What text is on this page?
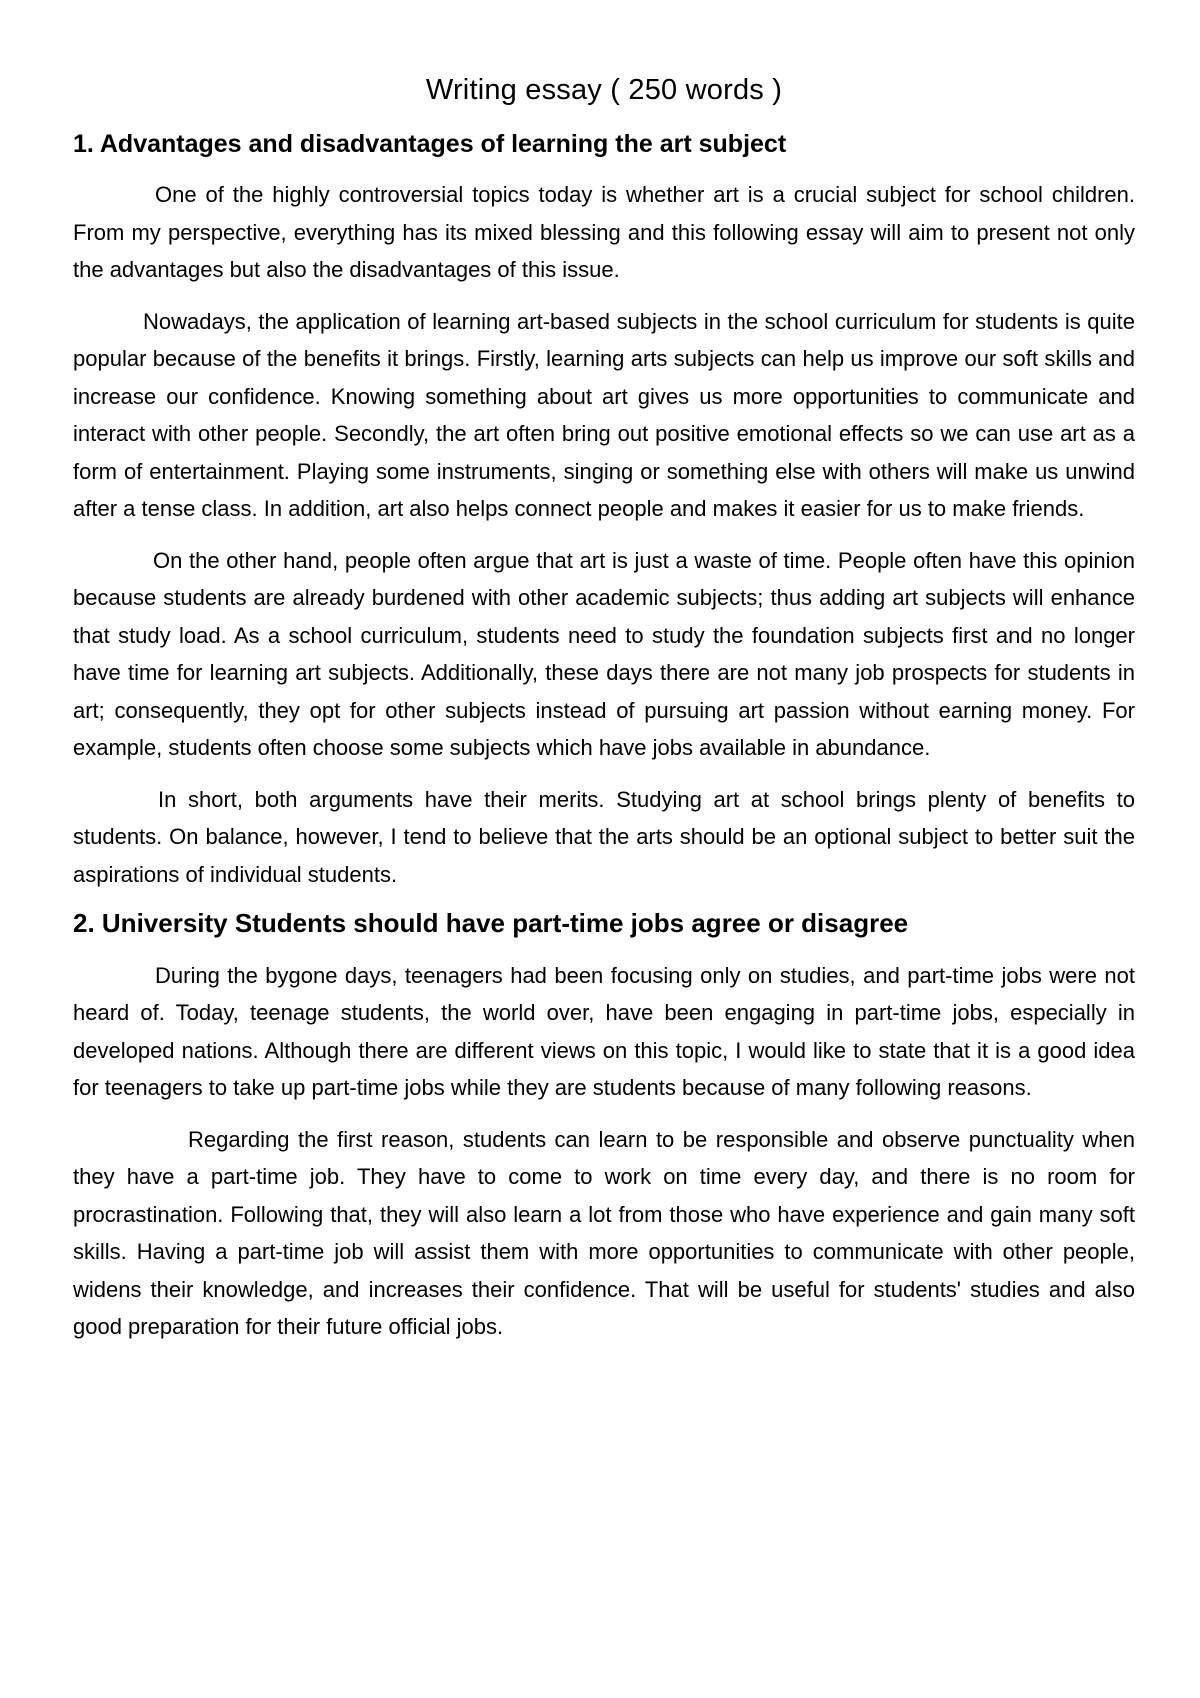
Writing essay ( 250 words )
1. Advantages and disadvantages of learning the art subject

One of the highly controversial topics today is whether art is a crucial subject for school children. From my perspective, everything has its mixed blessing and this following essay will aim to present not only the advantages but also the disadvantages of this issue.

Nowadays, the application of learning art-based subjects in the school curriculum for students is quite popular because of the benefits it brings. Firstly, learning arts subjects can help us improve our soft skills and increase our confidence. Knowing something about art gives us more opportunities to communicate and interact with other people. Secondly, the art often bring out positive emotional effects so we can use art as a form of entertainment. Playing some instruments, singing or something else with others will make us unwind after a tense class. In addition, art also helps connect people and makes it easier for us to make friends.

On the other hand, people often argue that art is just a waste of time. People often have this opinion because students are already burdened with other academic subjects; thus adding art subjects will enhance that study load. As a school curriculum, students need to study the foundation subjects first and no longer have time for learning art subjects. Additionally, these days there are not many job prospects for students in art; consequently, they opt for other subjects instead of pursuing art passion without earning money. For example, students often choose some subjects which have jobs available in abundance.

In short, both arguments have their merits. Studying art at school brings plenty of benefits to students. On balance, however, I tend to believe that the arts should be an optional subject to better suit the aspirations of individual students.

2. University Students should have part-time jobs agree or disagree

During the bygone days, teenagers had been focusing only on studies, and part-time jobs were not heard of. Today, teenage students, the world over, have been engaging in part-time jobs, especially in developed nations. Although there are different views on this topic, I would like to state that it is a good idea for teenagers to take up part-time jobs while they are students because of many following reasons.

Regarding the first reason, students can learn to be responsible and observe punctuality when they have a part-time job. They have to come to work on time every day, and there is no room for procrastination. Following that, they will also learn a lot from those who have experience and gain many soft skills. Having a part-time job will assist them with more opportunities to communicate with other people, widens their knowledge, and increases their confidence. That will be useful for students' studies and also good preparation for their future official jobs.
